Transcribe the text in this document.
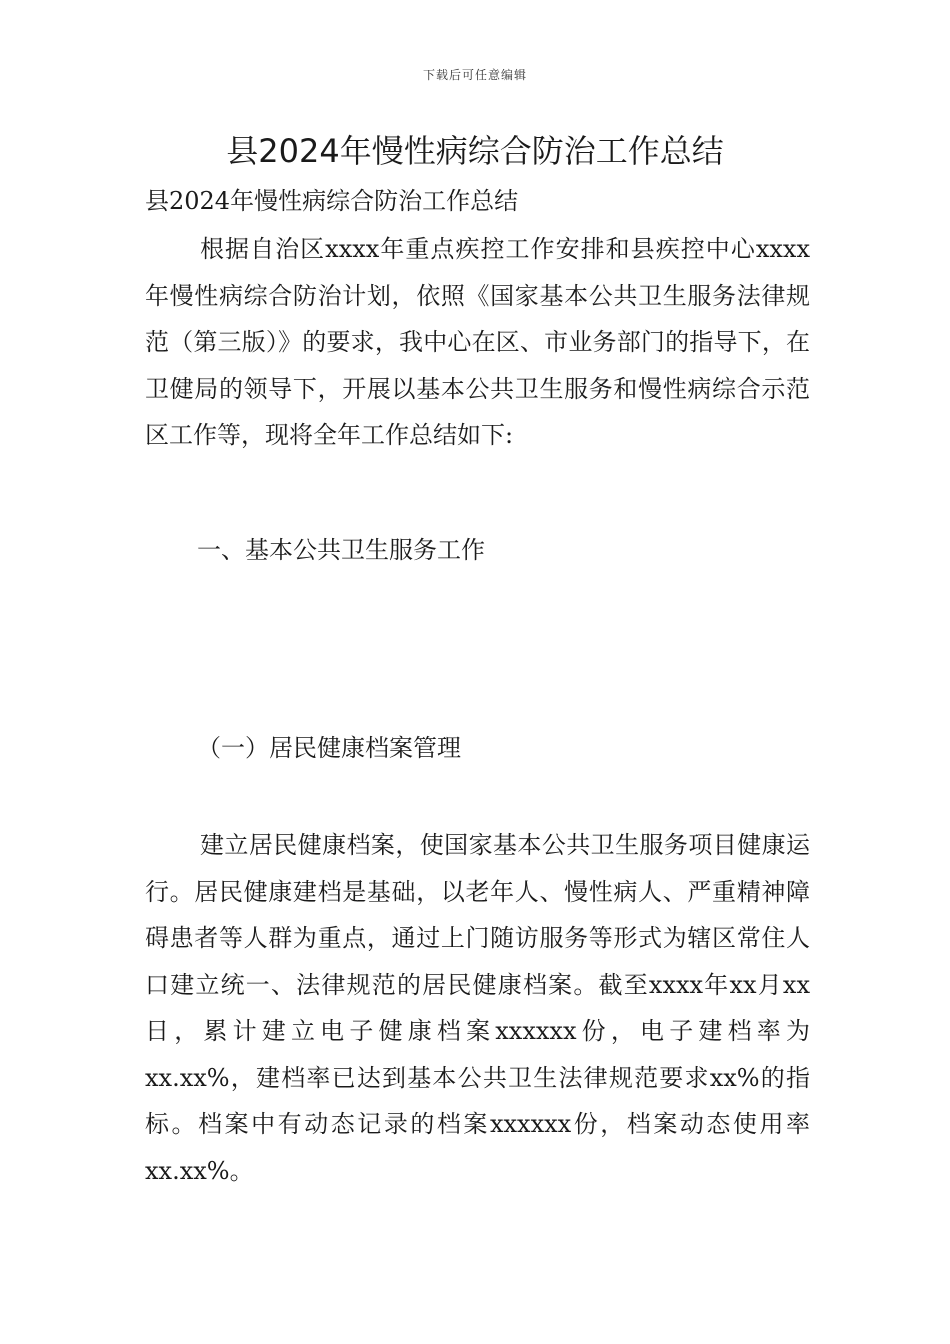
下载后可任意编辑
县2024年慢性病综合防治工作总结

县2024年慢性病综合防治工作总结

根据自治区xxxx年重点疾控工作安排和县疾控中心xxxx年慢性病综合防治计划，依照《国家基本公共卫生服务法律规范（第三版）》的要求，我中心在区、市业务部门的指导下，在卫健局的领导下，开展以基本公共卫生服务和慢性病综合示范区工作等，现将全年工作总结如下:

一、基本公共卫生服务工作

（一）居民健康档案管理

建立居民健康档案，使国家基本公共卫生服务项目健康运行。居民健康建档是基础，以老年人、慢性病人、严重精神障碍患者等人群为重点，通过上门随访服务等形式为辖区常住人口建立统一、法律规范的居民健康档案。截至xxxx年xx月xx日，累计建立电子健康档案xxxxxx份，电子建档率为xx.xx%，建档率已达到基本公共卫生法律规范要求xx%的指标。档案中有动态记录的档案xxxxxx份，档案动态使用率xx.xx%。
